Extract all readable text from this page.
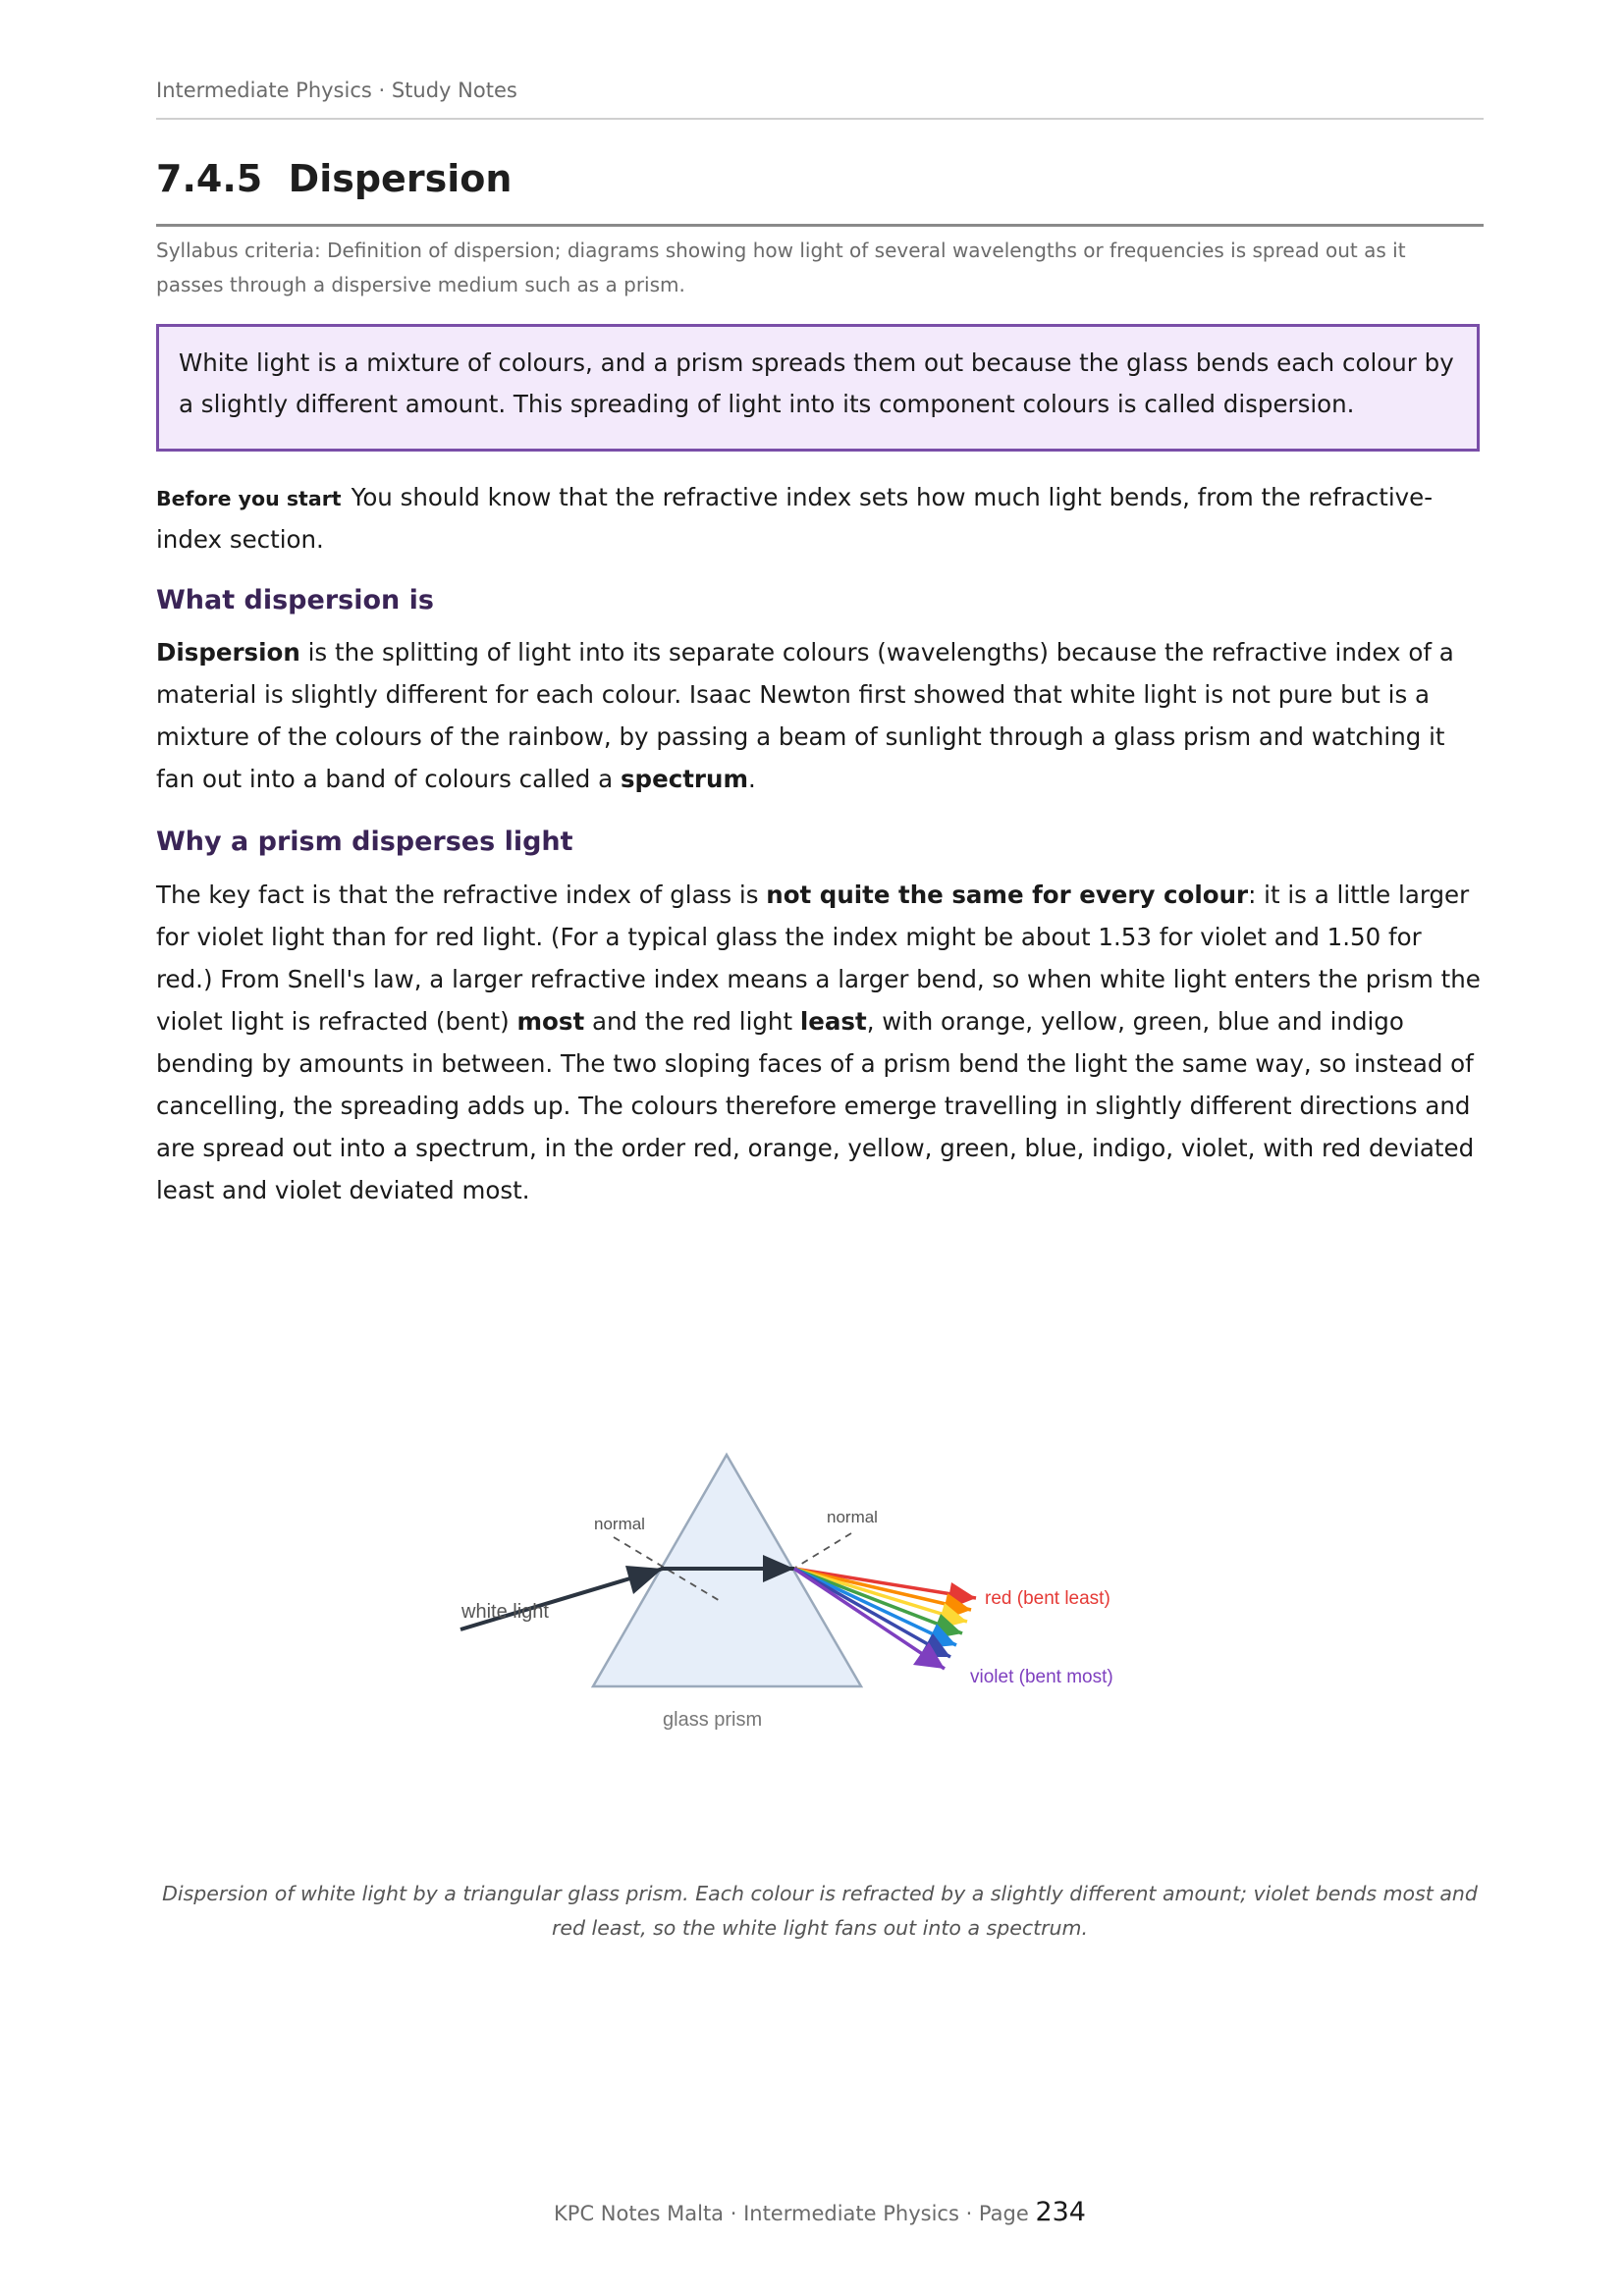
Intermediate Physics · Study Notes
7.4.5 Dispersion

Syllabus criteria: Definition of dispersion; diagrams showing how light of several wavelengths or frequencies is spread out as it passes through a dispersive medium such as a prism.

White light is a mixture of colours, and a prism spreads them out because the glass bends each colour by a slightly different amount. This spreading of light into its component colours is called dispersion.

Before you start You should know that the refractive index sets how much light bends, from the refractive-index section.

What dispersion is

Dispersion is the splitting of light into its separate colours (wavelengths) because the refractive index of a material is slightly different for each colour. Isaac Newton first showed that white light is not pure but is a mixture of the colours of the rainbow, by passing a beam of sunlight through a glass prism and watching it fan out into a band of colours called a spectrum.

Why a prism disperses light

The key fact is that the refractive index of glass is not quite the same for every colour: it is a little larger for violet light than for red light. (For a typical glass the index might be about 1.53 for violet and 1.50 for red.) From Snell's law, a larger refractive index means a larger bend, so when white light enters the prism the violet light is refracted (bent) most and the red light least, with orange, yellow, green, blue and indigo bending by amounts in between. The two sloping faces of a prism bend the light the same way, so instead of cancelling, the spreading adds up. The colours therefore emerge travelling in slightly different directions and are spread out into a spectrum, in the order red, orange, yellow, green, blue, indigo, violet, with red deviated least and violet deviated most.

normal	normal
white light
red (bent least)
violet (bent most)
glass prism

Dispersion of white light by a triangular glass prism. Each colour is refracted by a slightly different amount; violet bends most and red least, so the white light fans out into a spectrum.

KPC Notes Malta · Intermediate Physics · Page 234
